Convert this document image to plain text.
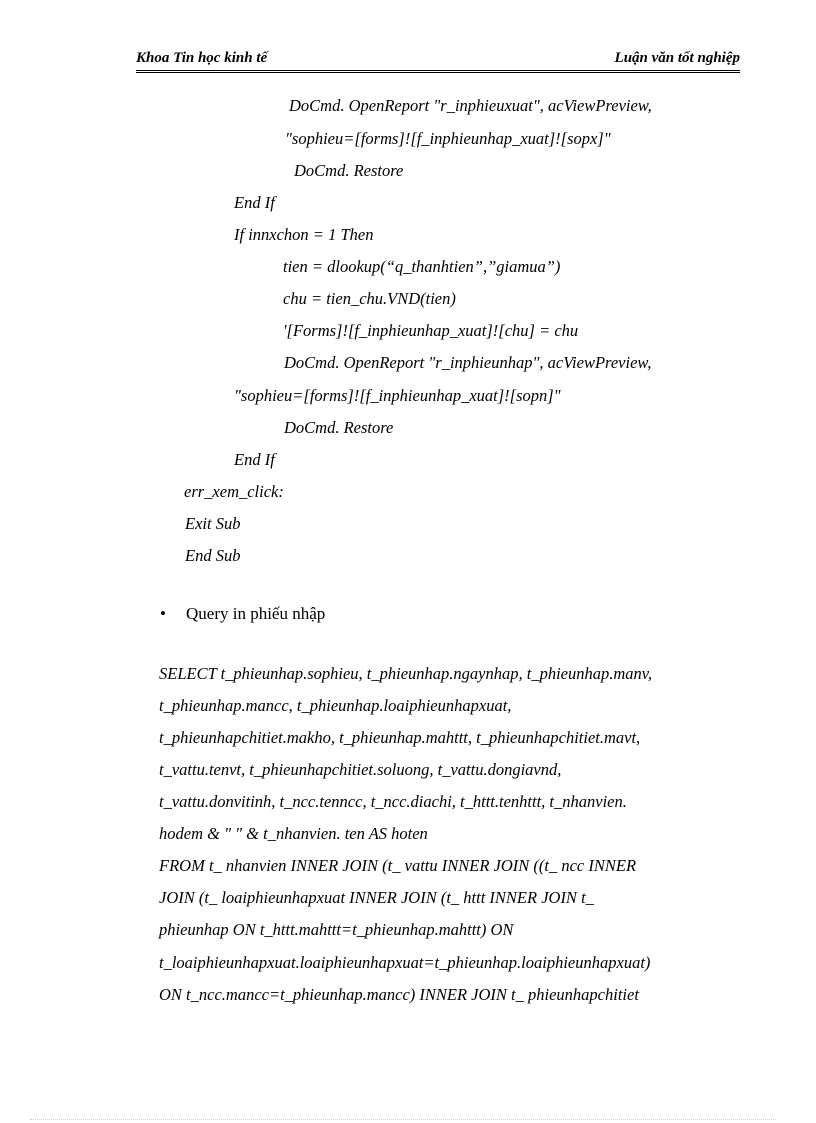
Khoa Tin học kinh tế	Luận văn tốt nghiệp
DoCmd. OpenReport "r_inphieuxuat", acViewPreview,
"sophieu=[forms]![f_inphieunhap_xuat]![sopx]"
DoCmd. Restore
End If
If innxchon = 1 Then
tien = dlookup(“q_thanhtien”,”giamua”)
chu = tien_chu.VND(tien)
'[Forms]![f_inphieunhap_xuat]![chu] = chu
DoCmd. OpenReport "r_inphieunhap", acViewPreview,
"sophieu=[forms]![f_inphieunhap_xuat]![sopn]"
DoCmd. Restore
End If
err_xem_click:
Exit Sub
End Sub
• Query in phiếu nhập
SELECT t_phieunhap.sophieu, t_phieunhap.ngaynhap, t_phieunhap.manv,
t_phieunhap.mancc, t_phieunhap.loaiphieunhapxuat,
t_phieunhapchitiet.makho, t_phieunhap.mahttt, t_phieunhapchitiet.mavt,
t_vattu.tenvt, t_phieunhapchitiet.soluong, t_vattu.dongiavnd,
t_vattu.donvitinh, t_ncc.tenncc, t_ncc.diachi, t_httt.tenhttt, t_nhanvien.
hodem & " " & t_nhanvien. ten AS hoten
FROM t_ nhanvien INNER JOIN (t_ vattu INNER JOIN ((t_ ncc INNER
JOIN (t_ loaiphieunhapxuat INNER JOIN (t_ httt INNER JOIN t_
phieunhap ON t_httt.mahttt=t_phieunhap.mahttt) ON
t_loaiphieunhapxuat.loaiphieunhapxuat=t_phieunhap.loaiphieunhapxuat)
ON t_ncc.mancc=t_phieunhap.mancc) INNER JOIN t_ phieunhapchitiet
